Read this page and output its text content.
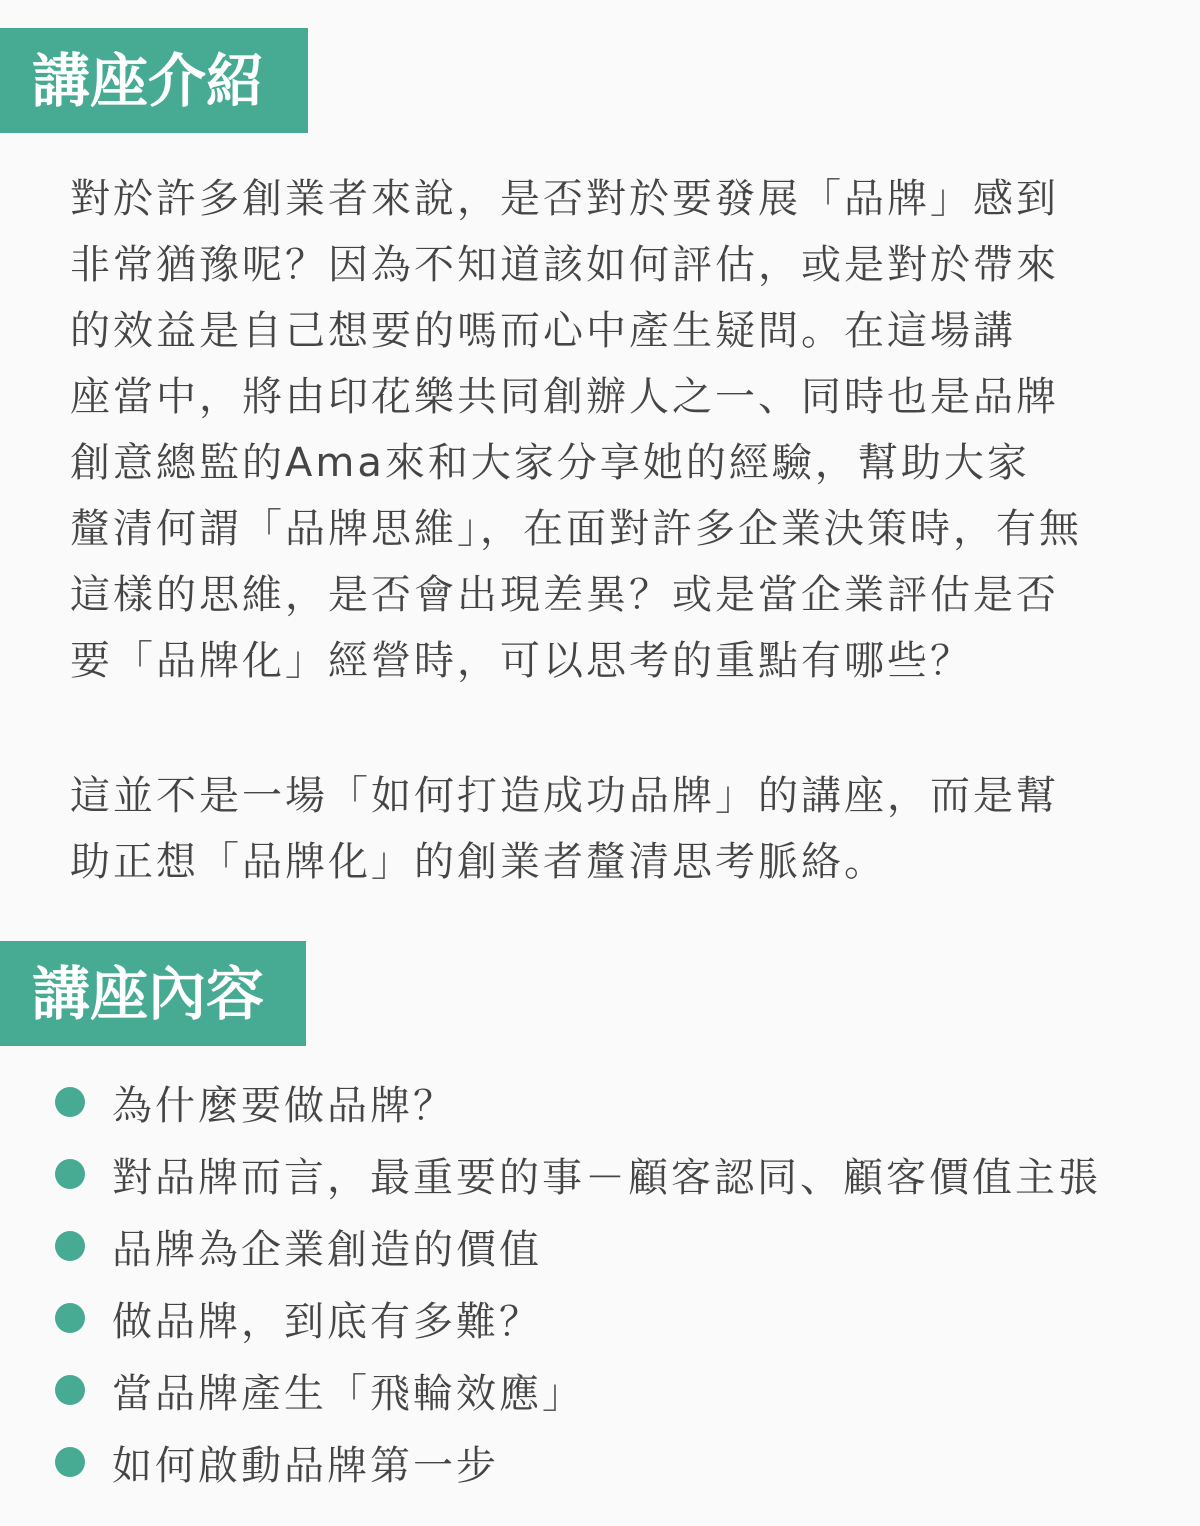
講座介紹

對於許多創業者來說，是否對於要發展「品牌」感到
非常猶豫呢？因為不知道該如何評估，或是對於帶來
的效益是自己想要的嗎而心中產生疑問。在這場講
座當中，將由印花樂共同創辦人之一、同時也是品牌
創意總監的Ama來和大家分享她的經驗，幫助大家
釐清何謂「品牌思維」，在面對許多企業決策時，有無
這樣的思維，是否會出現差異？或是當企業評估是否
要「品牌化」經營時，可以思考的重點有哪些？

這並不是一場「如何打造成功品牌」的講座，而是幫
助正想「品牌化」的創業者釐清思考脈絡。

講座內容
為什麼要做品牌？
對品牌而言，最重要的事－顧客認同、顧客價值主張
品牌為企業創造的價值
做品牌，到底有多難？
當品牌產生「飛輪效應」
如何啟動品牌第一步
